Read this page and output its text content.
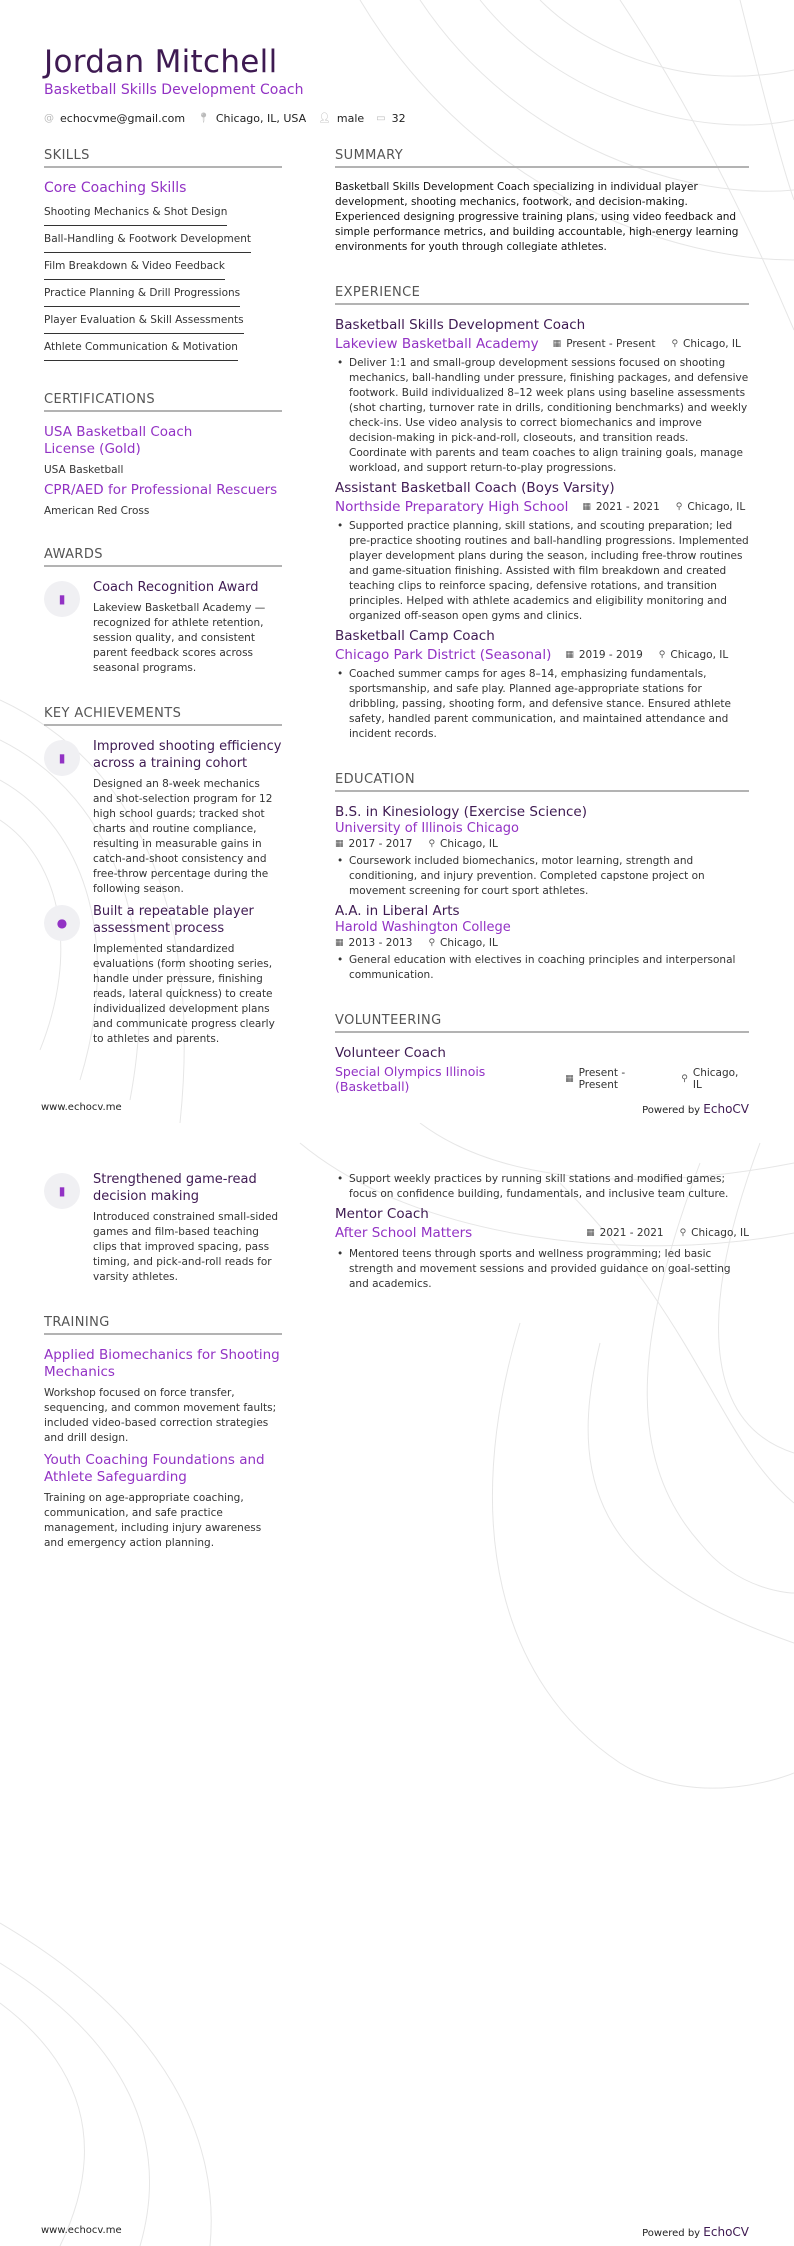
Jordan Mitchell
Basketball Skills Development Coach
@ echocvme@gmail.com 📍︎ Chicago, IL, USA 👤︎ male ▭ 32
SKILLS
Core Coaching Skills
Shooting Mechanics & Shot Design
Ball-Handling & Footwork Development
Film Breakdown & Video Feedback
Practice Planning & Drill Progressions
Player Evaluation & Skill Assessments
Athlete Communication & Motivation
CERTIFICATIONS
USA Basketball Coach License (Gold)
USA Basketball
CPR/AED for Professional Rescuers
American Red Cross
AWARDS
▮
Coach Recognition Award
Lakeview Basketball Academy — recognized for athlete retention, session quality, and consistent parent feedback scores across seasonal programs.
KEY ACHIEVEMENTS
▮
Improved shooting efficiency across a training cohort
Designed an 8-week mechanics and shot-selection program for 12 high school guards; tracked shot charts and routine compliance, resulting in measurable gains in catch-and-shoot consistency and free-throw percentage during the following season.
●
Built a repeatable player assessment process
Implemented standardized evaluations (form shooting series, handle under pressure, finishing reads, lateral quickness) to create individualized development plans and communicate progress clearly to athletes and parents.
SUMMARY
Basketball Skills Development Coach specializing in individual player development, shooting mechanics, footwork, and decision-making. Experienced designing progressive training plans, using video feedback and simple performance metrics, and building accountable, high-energy learning environments for youth through collegiate athletes.
EXPERIENCE
Basketball Skills Development Coach
Lakeview Basketball Academy ▦ Present - Present ⚲ Chicago, IL
• Deliver 1:1 and small-group development sessions focused on shooting mechanics, ball-handling under pressure, finishing packages, and defensive footwork. Build individualized 8–12 week plans using baseline assessments (shot charting, turnover rate in drills, conditioning benchmarks) and weekly check-ins. Use video analysis to correct biomechanics and improve decision-making in pick-and-roll, closeouts, and transition reads. Coordinate with parents and team coaches to align training goals, manage workload, and support return-to-play progressions.
Assistant Basketball Coach (Boys Varsity)
Northside Preparatory High School ▦ 2021 - 2021 ⚲ Chicago, IL
• Supported practice planning, skill stations, and scouting preparation; led pre-practice shooting routines and ball-handling progressions. Implemented player development plans during the season, including free-throw routines and game-situation finishing. Assisted with film breakdown and created teaching clips to reinforce spacing, defensive rotations, and transition principles. Helped with athlete academics and eligibility monitoring and organized off-season open gyms and clinics.
Basketball Camp Coach
Chicago Park District (Seasonal) ▦ 2019 - 2019 ⚲ Chicago, IL
• Coached summer camps for ages 8–14, emphasizing fundamentals, sportsmanship, and safe play. Planned age-appropriate stations for dribbling, passing, shooting form, and defensive stance. Ensured athlete safety, handled parent communication, and maintained attendance and incident records.
EDUCATION
B.S. in Kinesiology (Exercise Science)
University of Illinois Chicago
▦ 2017 - 2017 ⚲ Chicago, IL
• Coursework included biomechanics, motor learning, strength and conditioning, and injury prevention. Completed capstone project on movement screening for court sport athletes.
A.A. in Liberal Arts
Harold Washington College
▦ 2013 - 2013 ⚲ Chicago, IL
• General education with electives in coaching principles and interpersonal communication.
VOLUNTEERING
Volunteer Coach
Special Olympics Illinois (Basketball)	▦ Present - Present	⚲ Chicago, IL
www.echocv.me	Powered by EchoCV
▮
Strengthened game-read decision making
Introduced constrained small-sided games and film-based teaching clips that improved spacing, pass timing, and pick-and-roll reads for varsity athletes.
TRAINING
Applied Biomechanics for Shooting Mechanics
Workshop focused on force transfer, sequencing, and common movement faults; included video-based correction strategies and drill design.
Youth Coaching Foundations and Athlete Safeguarding
Training on age-appropriate coaching, communication, and safe practice management, including injury awareness and emergency action planning.
• Support weekly practices by running skill stations and modified games; focus on confidence building, fundamentals, and inclusive team culture.
Mentor Coach
After School Matters	▦ 2021 - 2021 ⚲ Chicago, IL
• Mentored teens through sports and wellness programming; led basic strength and movement sessions and provided guidance on goal-setting and academics.
www.echocv.me	Powered by EchoCV
